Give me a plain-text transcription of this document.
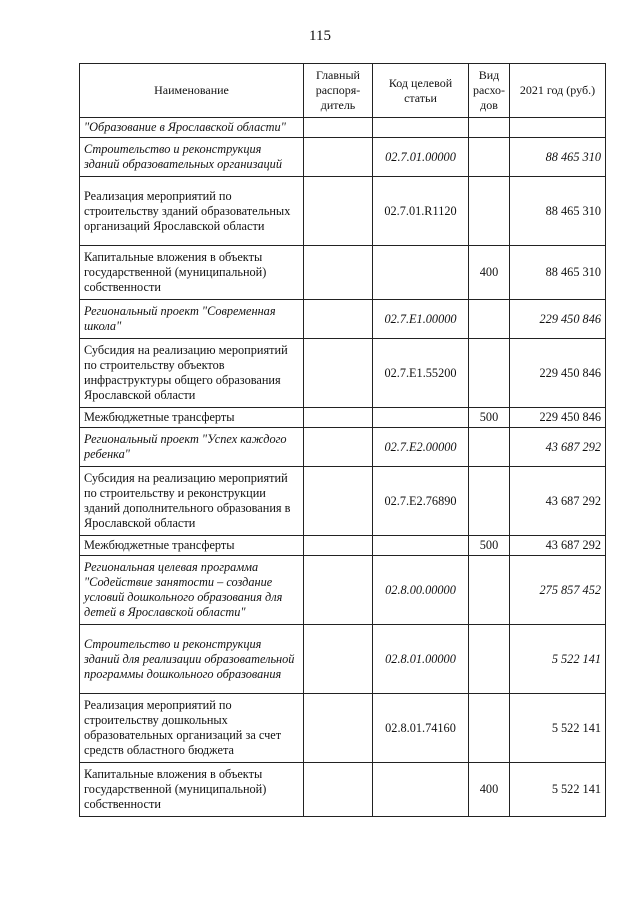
115
Наименование	Главный распоря-дитель	Код целевой статьи	Вид расхо-дов	2021 год (руб.)
"Образование в Ярославской области"				
Строительство и реконструкция зданий образовательных организаций		02.7.01.00000		88 465 310
Реализация мероприятий по строительству зданий образовательных организаций Ярославской области		02.7.01.R1120		88 465 310
Капитальные вложения в объекты государственной (муниципальной) собственности			400	88 465 310
Региональный проект "Современная школа"		02.7.E1.00000		229 450 846
Субсидия на реализацию мероприятий по строительству объектов инфраструктуры общего образования Ярославской области		02.7.E1.55200		229 450 846
Межбюджетные трансферты			500	229 450 846
Региональный проект "Успех каждого ребенка"		02.7.E2.00000		43 687 292
Субсидия на реализацию мероприятий по строительству и реконструкции зданий дополнительного образования в Ярославской области		02.7.E2.76890		43 687 292
Межбюджетные трансферты			500	43 687 292
Региональная целевая программа "Содействие занятости – создание условий дошкольного образования для детей в Ярославской области"		02.8.00.00000		275 857 452
Строительство и реконструкция зданий для реализации образовательной программы дошкольного образования		02.8.01.00000		5 522 141
Реализация мероприятий по строительству дошкольных образовательных организаций за счет средств областного бюджета		02.8.01.74160		5 522 141
Капитальные вложения в объекты государственной (муниципальной) собственности			400	5 522 141
